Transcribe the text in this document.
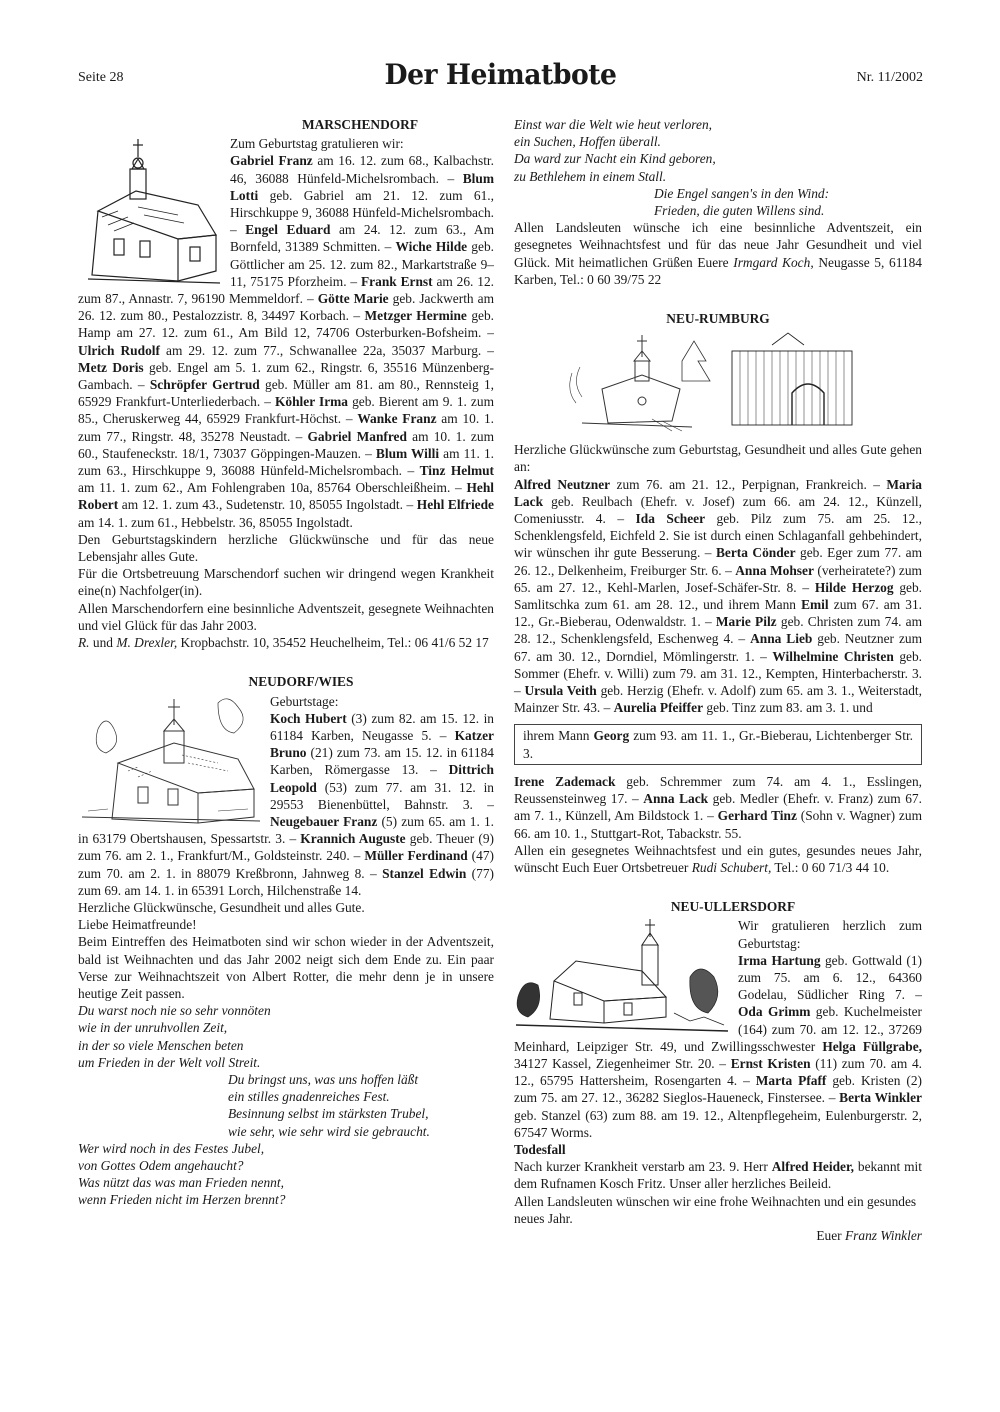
Seite 28	Der Heimatbote	Nr. 11/2002
MARSCHENDORF

Zum Geburtstag gratulieren wir:
Gabriel Franz am 16. 12. zum 68., Kalbachstr. 46, 36088 Hünfeld-Michelsrombach. – Blum Lotti geb. Gabriel am 21. 12. zum 61., Hirschkuppe 9, 36088 Hünfeld-Michelsrombach. – Engel Eduard am 24. 12. zum 63., Am Bornfeld, 31389 Schmitten. – Wiche Hilde geb. Göttlicher am 25. 12. zum 82., Markartstraße 9–11, 75175 Pforzheim. – Frank Ernst am 26. 12. zum 87., Annastr. 7, 96190 Memmeldorf. – Götte Marie geb. Jackwerth am 26. 12. zum 80., Pestalozzistr. 8, 34497 Korbach. – Metzger Hermine geb. Hamp am 27. 12. zum 61., Am Bild 12, 74706 Osterburken-Bofsheim. – Ulrich Rudolf am 29. 12. zum 77., Schwanallee 22a, 35037 Marburg. – Metz Doris geb. Engel am 5. 1. zum 62., Ringstr. 6, 35516 Münzenberg-Gambach. – Schröpfer Gertrud geb. Müller am 81. am 80., Rennsteig 1, 65929 Frankfurt-Unterliederbach. – Köhler Irma geb. Bierent am 9. 1. zum 85., Cheruskerweg 44, 65929 Frankfurt-Höchst. – Wanke Franz am 10. 1. zum 77., Ringstr. 48, 35278 Neustadt. – Gabriel Manfred am 10. 1. zum 60., Staufeneckstr. 18/1, 73037 Göppingen-Mauzen. – Blum Willi am 11. 1. zum 63., Hirschkuppe 9, 36088 Hünfeld-Michelsrombach. – Tinz Helmut am 11. 1. zum 62., Am Fohlengraben 10a, 85764 Oberschleißheim. – Hehl Robert am 12. 1. zum 43., Sudetenstr. 10, 85055 Ingolstadt. – Hehl Elfriede am 14. 1. zum 61., Hebbelstr. 36, 85055 Ingolstadt.

Den Geburtstagskindern herzliche Glückwünsche und für das neue Lebensjahr alles Gute.

Für die Ortsbetreuung Marschendorf suchen wir dringend wegen Krankheit eine(n) Nachfolger(in).

Allen Marschendorfern eine besinnliche Adventszeit, gesegnete Weihnachten und viel Glück für das Jahr 2003.

R. und M. Drexler, Kropbachstr. 10, 35452 Heuchelheim, Tel.: 06 41/6 52 17

NEUDORF/WIES

Geburtstage:
Koch Hubert (3) zum 82. am 15. 12. in 61184 Karben, Neugasse 5. – Katzer Bruno (21) zum 73. am 15. 12. in 61184 Karben, Römergasse 13. – Dittrich Leopold (53) zum 77. am 31. 12. in 29553 Bienenbüttel, Bahnstr. 3. – Neugebauer Franz (5) zum 65. am 1. 1. in 63179 Obertshausen, Spessartstr. 3. – Krannich Auguste geb. Theuer (9) zum 76. am 2. 1., Frankfurt/M., Goldsteinstr. 240. – Müller Ferdinand (47) zum 70. am 2. 1. in 88079 Kreßbronn, Jahnweg 8. – Stanzel Edwin (77) zum 69. am 14. 1. in 65391 Lorch, Hilchenstraße 14.

Herzliche Glückwünsche, Gesundheit und alles Gute.

Liebe Heimatfreunde!

Beim Eintreffen des Heimatboten sind wir schon wieder in der Adventszeit, bald ist Weihnachten und das Jahr 2002 neigt sich dem Ende zu. Ein paar Verse zur Weihnachtszeit von Albert Rotter, die mehr denn je in unsere heutige Zeit passen.

Du warst noch nie so sehr vonnöten
wie in der unruhvollen Zeit,
in der so viele Menschen beten
um Frieden in der Welt voll Streit.
Du bringst uns, was uns hoffen läßt
ein stilles gnadenreiches Fest.
Besinnung selbst im stärksten Trubel,
wie sehr, wie sehr wird sie gebraucht.
Wer wird noch in des Festes Jubel,
von Gottes Odem angehaucht?
Was nützt das was man Frieden nennt,
wenn Frieden nicht im Herzen brennt?
Einst war die Welt wie heut verloren,
ein Suchen, Hoffen überall.
Da ward zur Nacht ein Kind geboren,
zu Bethlehem in einem Stall.
Die Engel sangen's in den Wind:
Frieden, die guten Willens sind.

Allen Landsleuten wünsche ich eine besinnliche Adventszeit, ein gesegnetes Weihnachtsfest und für das neue Jahr Gesundheit und viel Glück. Mit heimatlichen Grüßen Euere Irmgard Koch, Neugasse 5, 61184 Karben, Tel.: 0 60 39/75 22

NEU-RUMBURG

Herzliche Glückwünsche zum Geburtstag, Gesundheit und alles Gute gehen an:
Alfred Neutzner zum 76. am 21. 12., Perpignan, Frankreich. – Maria Lack geb. Reulbach (Ehefr. v. Josef) zum 66. am 24. 12., Künzell, Comeniusstr. 4. – Ida Scheer geb. Pilz zum 75. am 25. 12., Schenklengsfeld, Eichfeld 2. Sie ist durch einen Schlaganfall gehbehindert, wir wünschen ihr gute Besserung. – Berta Cönder geb. Eger zum 77. am 26. 12., Delkenheim, Freiburger Str. 6. – Anna Mohser (verheiratete?) zum 65. am 27. 12., Kehl-Marlen, Josef-Schäfer-Str. 8. – Hilde Herzog geb. Samlitschka zum 61. am 28. 12., und ihrem Mann Emil zum 67. am 31. 12., Gr.-Bieberau, Odenwaldstr. 1. – Marie Pilz geb. Christen zum 74. am 28. 12., Schenklengsfeld, Eschenweg 4. – Anna Lieb geb. Neutzner zum 67. am 30. 12., Dorndiel, Mömlingerstr. 1. – Wilhelmine Christen geb. Sommer (Ehefr. v. Willi) zum 79. am 31. 12., Kempten, Hinterbacherstr. 3. – Ursula Veith geb. Herzig (Ehefr. v. Adolf) zum 65. am 3. 1., Weiterstadt, Mainzer Str. 43. – Aurelia Pfeiffer geb. Tinz zum 83. am 3. 1. und

ihrem Mann Georg zum 93. am 11. 1., Gr.-Bieberau, Lichtenberger Str. 3.

Irene Zademack geb. Schremmer zum 74. am 4. 1., Esslingen, Reussensteinweg 17. – Anna Lack geb. Medler (Ehefr. v. Franz) zum 67. am 7. 1., Künzell, Am Bildstock 1. – Gerhard Tinz (Sohn v. Wagner) zum 66. am 10. 1., Stuttgart-Rot, Tabackstr. 55.

Allen ein gesegnetes Weihnachtsfest und ein gutes, gesundes neues Jahr, wünscht Euch Euer Ortsbetreuer Rudi Schubert, Tel.: 0 60 71/3 44 10.

NEU-ULLERSDORF

Wir gratulieren herzlich zum Geburtstag:
Irma Hartung geb. Gottwald (1) zum 75. am 6. 12., 64360 Godelau, Südlicher Ring 7. – Oda Grimm geb. Kuchelmeister (164) zum 70. am 12. 12., 37269 Meinhard, Leipziger Str. 49, und Zwillingsschwester Helga Füllgrabe, 34127 Kassel, Ziegenheimer Str. 20. – Ernst Kristen (11) zum 70. am 4. 12., 65795 Hattersheim, Rosengarten 4. – Marta Pfaff geb. Kristen (2) zum 75. am 27. 12., 36282 Sieglos-Haueneck, Finstersee. – Berta Winkler geb. Stanzel (63) zum 88. am 19. 12., Altenpflegeheim, Eulenburgerstr. 2, 67547 Worms.

Todesfall

Nach kurzer Krankheit verstarb am 23. 9. Herr Alfred Heider, bekannt mit dem Rufnamen Kosch Fritz. Unser aller herzliches Beileid.

Allen Landsleuten wünschen wir eine frohe Weihnachten und ein gesundes neues Jahr.

Euer Franz Winkler
